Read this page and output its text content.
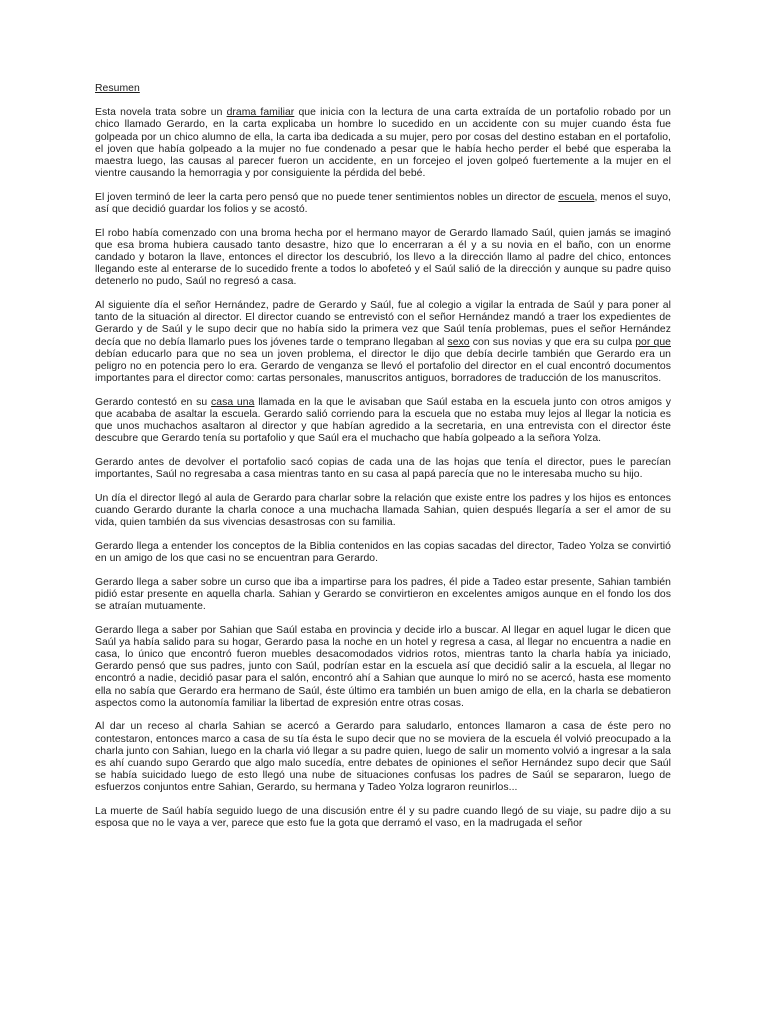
Resumen

Esta novela trata sobre un drama familiar que inicia con la lectura de una carta extraída de un portafolio robado por un chico llamado Gerardo, en la carta explicaba un hombre lo sucedido en un accidente con su mujer cuando ésta fue golpeada por un chico alumno de ella, la carta iba dedicada a su mujer, pero por cosas del destino estaban en el portafolio, el joven que había golpeado a la mujer no fue condenado a pesar que le había hecho perder el bebé que esperaba la maestra luego, las causas al parecer fueron un accidente, en un forcejeo el joven golpeó fuertemente a la mujer en el vientre causando la hemorragia y por consiguiente la pérdida del bebé.

El joven terminó de leer la carta pero pensó que no puede tener sentimientos nobles un director de escuela, menos el suyo, así que decidió guardar los folios y se acostó.

El robo había comenzado con una broma hecha por el hermano mayor de Gerardo llamado Saúl, quien jamás se imaginó que esa broma hubiera causado tanto desastre, hizo que lo encerraran a él y a su novia en el baño, con un enorme candado y botaron la llave, entonces el director los descubrió, los llevo a la dirección llamo al padre del chico, entonces llegando este al enterarse de lo sucedido frente a todos lo abofeteó y el Saúl salió de la dirección y aunque su padre quiso detenerlo no pudo, Saúl no regresó a casa.

Al siguiente día el señor Hernández, padre de Gerardo y Saúl, fue al colegio a vigilar la entrada de Saúl y para poner al tanto de la situación al director. El director cuando se entrevistó con el señor Hernández mandó a traer los expedientes de Gerardo y de Saúl y le supo decir que no había sido la primera vez que Saúl tenía problemas, pues el señor Hernández decía que no debía llamarlo pues los jóvenes tarde o temprano llegaban al sexo con sus novias y que era su culpa por que debían educarlo para que no sea un joven problema, el director le dijo que debía decirle también que Gerardo era un peligro no en potencia pero lo era. Gerardo de venganza se llevó el portafolio del director en el cual encontró documentos importantes para el director como: cartas personales, manuscritos antiguos, borradores de traducción de los manuscritos.

Gerardo contestó en su casa una llamada en la que le avisaban que Saúl estaba en la escuela junto con otros amigos y que acababa de asaltar la escuela. Gerardo salió corriendo para la escuela que no estaba muy lejos al llegar la noticia es que unos muchachos asaltaron al director y que habían agredido a la secretaria, en una entrevista con el director éste descubre que Gerardo tenía su portafolio y que Saúl era el muchacho que había golpeado a la señora Yolza.

Gerardo antes de devolver el portafolio sacó copias de cada una de las hojas que tenía el director, pues le parecían importantes, Saúl no regresaba a casa mientras tanto en su casa al papá parecía que no le interesaba mucho su hijo.

Un día el director llegó al aula de Gerardo para charlar sobre la relación que existe entre los padres y los hijos es entonces cuando Gerardo durante la charla conoce a una muchacha llamada Sahian, quien después llegaría a ser el amor de su vida, quien también da sus vivencias desastrosas con su familia.

Gerardo llega a entender los conceptos de la Biblia contenidos en las copias sacadas del director, Tadeo Yolza se convirtió en un amigo de los que casi no se encuentran para Gerardo.

Gerardo llega a saber sobre un curso que iba a impartirse para los padres, él pide a Tadeo estar presente, Sahian también pidió estar presente en aquella charla. Sahian y Gerardo se convirtieron en excelentes amigos aunque en el fondo los dos se atraían mutuamente.

Gerardo llega a saber por Sahian que Saúl estaba en provincia y decide irlo a buscar. Al llegar en aquel lugar le dicen que Saúl ya había salido para su hogar, Gerardo pasa la noche en un hotel y regresa a casa, al llegar no encuentra a nadie en casa, lo único que encontró fueron muebles desacomodados vidrios rotos, mientras tanto la charla había ya iniciado, Gerardo pensó que sus padres, junto con Saúl, podrían estar en la escuela así que decidió salir a la escuela, al llegar no encontró a nadie, decidió pasar para el salón, encontró ahí a Sahian que aunque lo miró no se acercó, hasta ese momento ella no sabía que Gerardo era hermano de Saúl, éste último era también un buen amigo de ella, en la charla se debatieron aspectos como la autonomía familiar la libertad de expresión entre otras cosas.

Al dar un receso al charla Sahian se acercó a Gerardo para saludarlo, entonces llamaron a casa de éste pero no contestaron, entonces marco a casa de su tía ésta le supo decir que no se moviera de la escuela él volvió preocupado a la charla junto con Sahian, luego en la charla vió llegar a su padre quien, luego de salir un momento volvió a ingresar a la sala es ahí cuando supo Gerardo que algo malo sucedía, entre debates de opiniones el señor Hernández supo decir que Saúl se había suicidado luego de esto llegó una nube de situaciones confusas los padres de Saúl se separaron, luego de esfuerzos conjuntos entre Sahian, Gerardo, su hermana y Tadeo Yolza lograron reunirlos...

La muerte de Saúl había seguido luego de una discusión entre él y su padre cuando llegó de su viaje, su padre dijo a su esposa que no le vaya a ver, parece que esto fue la gota que derramó el vaso, en la madrugada el señor
